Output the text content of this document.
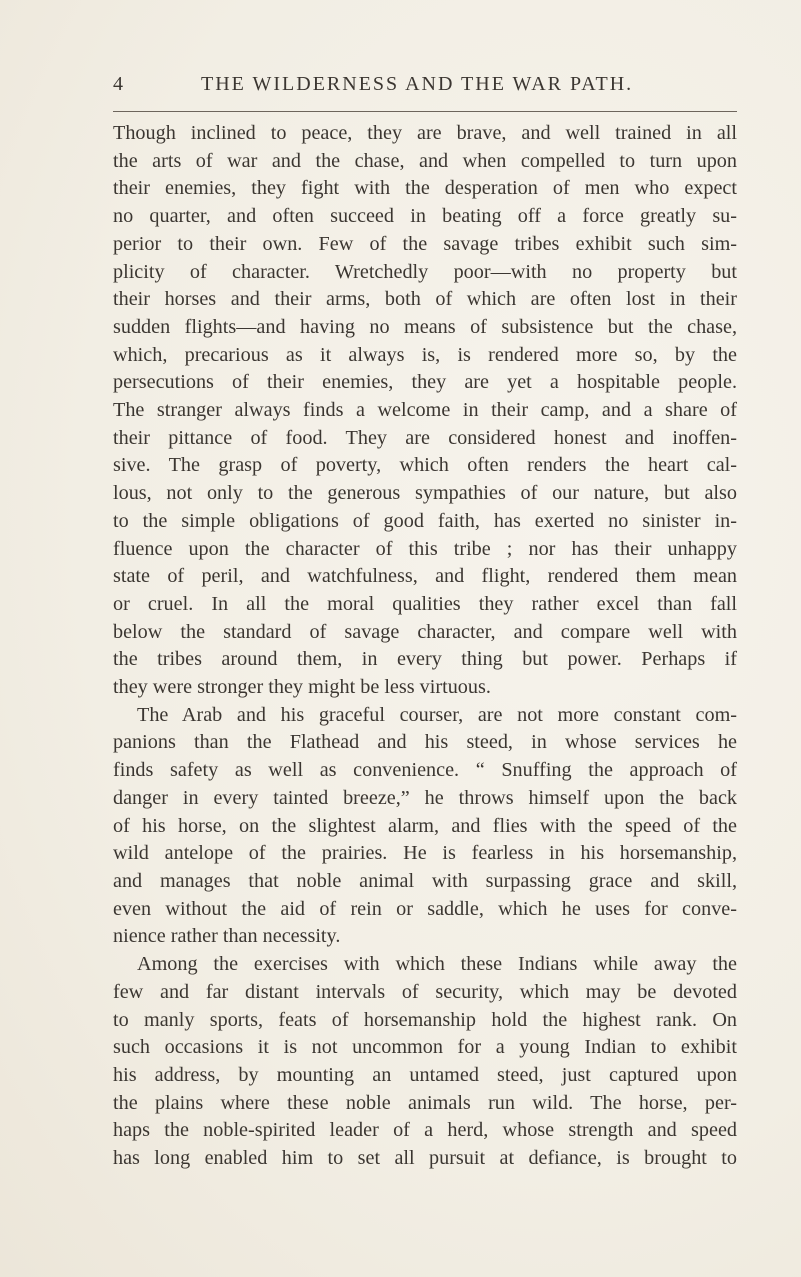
4	THE WILDERNESS AND THE WAR PATH.
Though inclined to peace, they are brave, and well trained in all
the arts of war and the chase, and when compelled to turn upon
their enemies, they fight with the desperation of men who expect
no quarter, and often succeed in beating off a force greatly su-
perior to their own. Few of the savage tribes exhibit such sim-
plicity of character. Wretchedly poor—with no property but
their horses and their arms, both of which are often lost in their
sudden flights—and having no means of subsistence but the chase,
which, precarious as it always is, is rendered more so, by the
persecutions of their enemies, they are yet a hospitable people.
The stranger always finds a welcome in their camp, and a share of
their pittance of food. They are considered honest and inoffen-
sive. The grasp of poverty, which often renders the heart cal-
lous, not only to the generous sympathies of our nature, but also
to the simple obligations of good faith, has exerted no sinister in-
fluence upon the character of this tribe ; nor has their unhappy
state of peril, and watchfulness, and flight, rendered them mean
or cruel. In all the moral qualities they rather excel than fall
below the standard of savage character, and compare well with
the tribes around them, in every thing but power. Perhaps if
they were stronger they might be less virtuous.
The Arab and his graceful courser, are not more constant com-
panions than the Flathead and his steed, in whose services he
finds safety as well as convenience. “ Snuffing the approach of
danger in every tainted breeze,” he throws himself upon the back
of his horse, on the slightest alarm, and flies with the speed of the
wild antelope of the prairies. He is fearless in his horsemanship,
and manages that noble animal with surpassing grace and skill,
even without the aid of rein or saddle, which he uses for conve-
nience rather than necessity.
Among the exercises with which these Indians while away the
few and far distant intervals of security, which may be devoted
to manly sports, feats of horsemanship hold the highest rank. On
such occasions it is not uncommon for a young Indian to exhibit
his address, by mounting an untamed steed, just captured upon
the plains where these noble animals run wild. The horse, per-
haps the noble-spirited leader of a herd, whose strength and speed
has long enabled him to set all pursuit at defiance, is brought to
